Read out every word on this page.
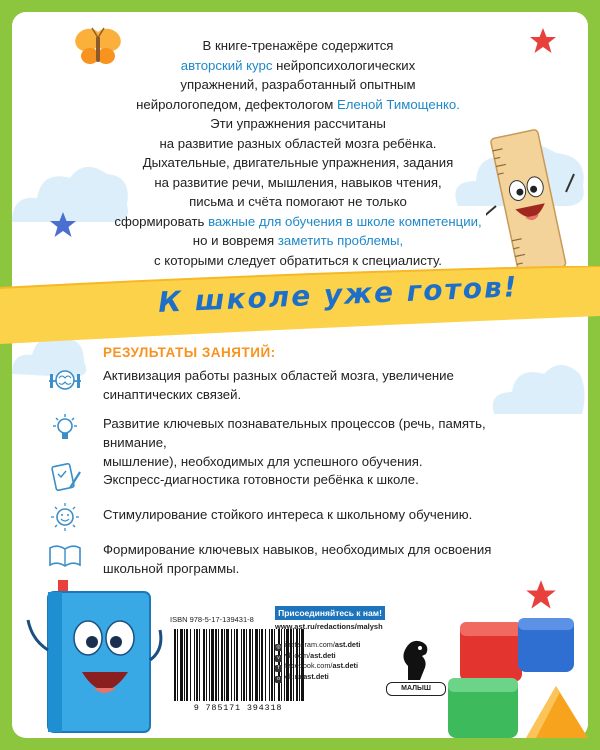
В книге-тренажёре содержится
авторский курс нейропсихологических
упражнений, разработанный опытным
нейрологопедом, дефектологом Еленой Тимощенко.
Эти упражнения рассчитаны
на развитие разных областей мозга ребёнка.
Дыхательные, двигательные упражнения, задания
на развитие речи, мышления, навыков чтения,
письма и счёта помогают не только
сформировать важные для обучения в школе компетенции,
но и вовремя заметить проблемы,
с которыми следует обратиться к специалисту.
К школе уже готов!
РЕЗУЛЬТАТЫ ЗАНЯТИЙ:
Активизация работы разных областей мозга, увеличение
синаптических связей.
Развитие ключевых познавательных процессов (речь, память, внимание,
мышление), необходимых для успешного обучения.
Экспресс-диагностика готовности ребёнка к школе.
Стимулирование стойкого интереса к школьному обучению.
Формирование ключевых навыков, необходимых для освоения
школьной программы.
ISBN 978-5-17-139431-8
9 785171 394318
Присоединяйтесь к нам!
www.ast.ru/redactions/malysh
◎ instagram.com/ast.deti
v vk.com/ast.deti
f facebook.com/ast.deti
o ok.ru/ast.deti
МАЛЫШ
